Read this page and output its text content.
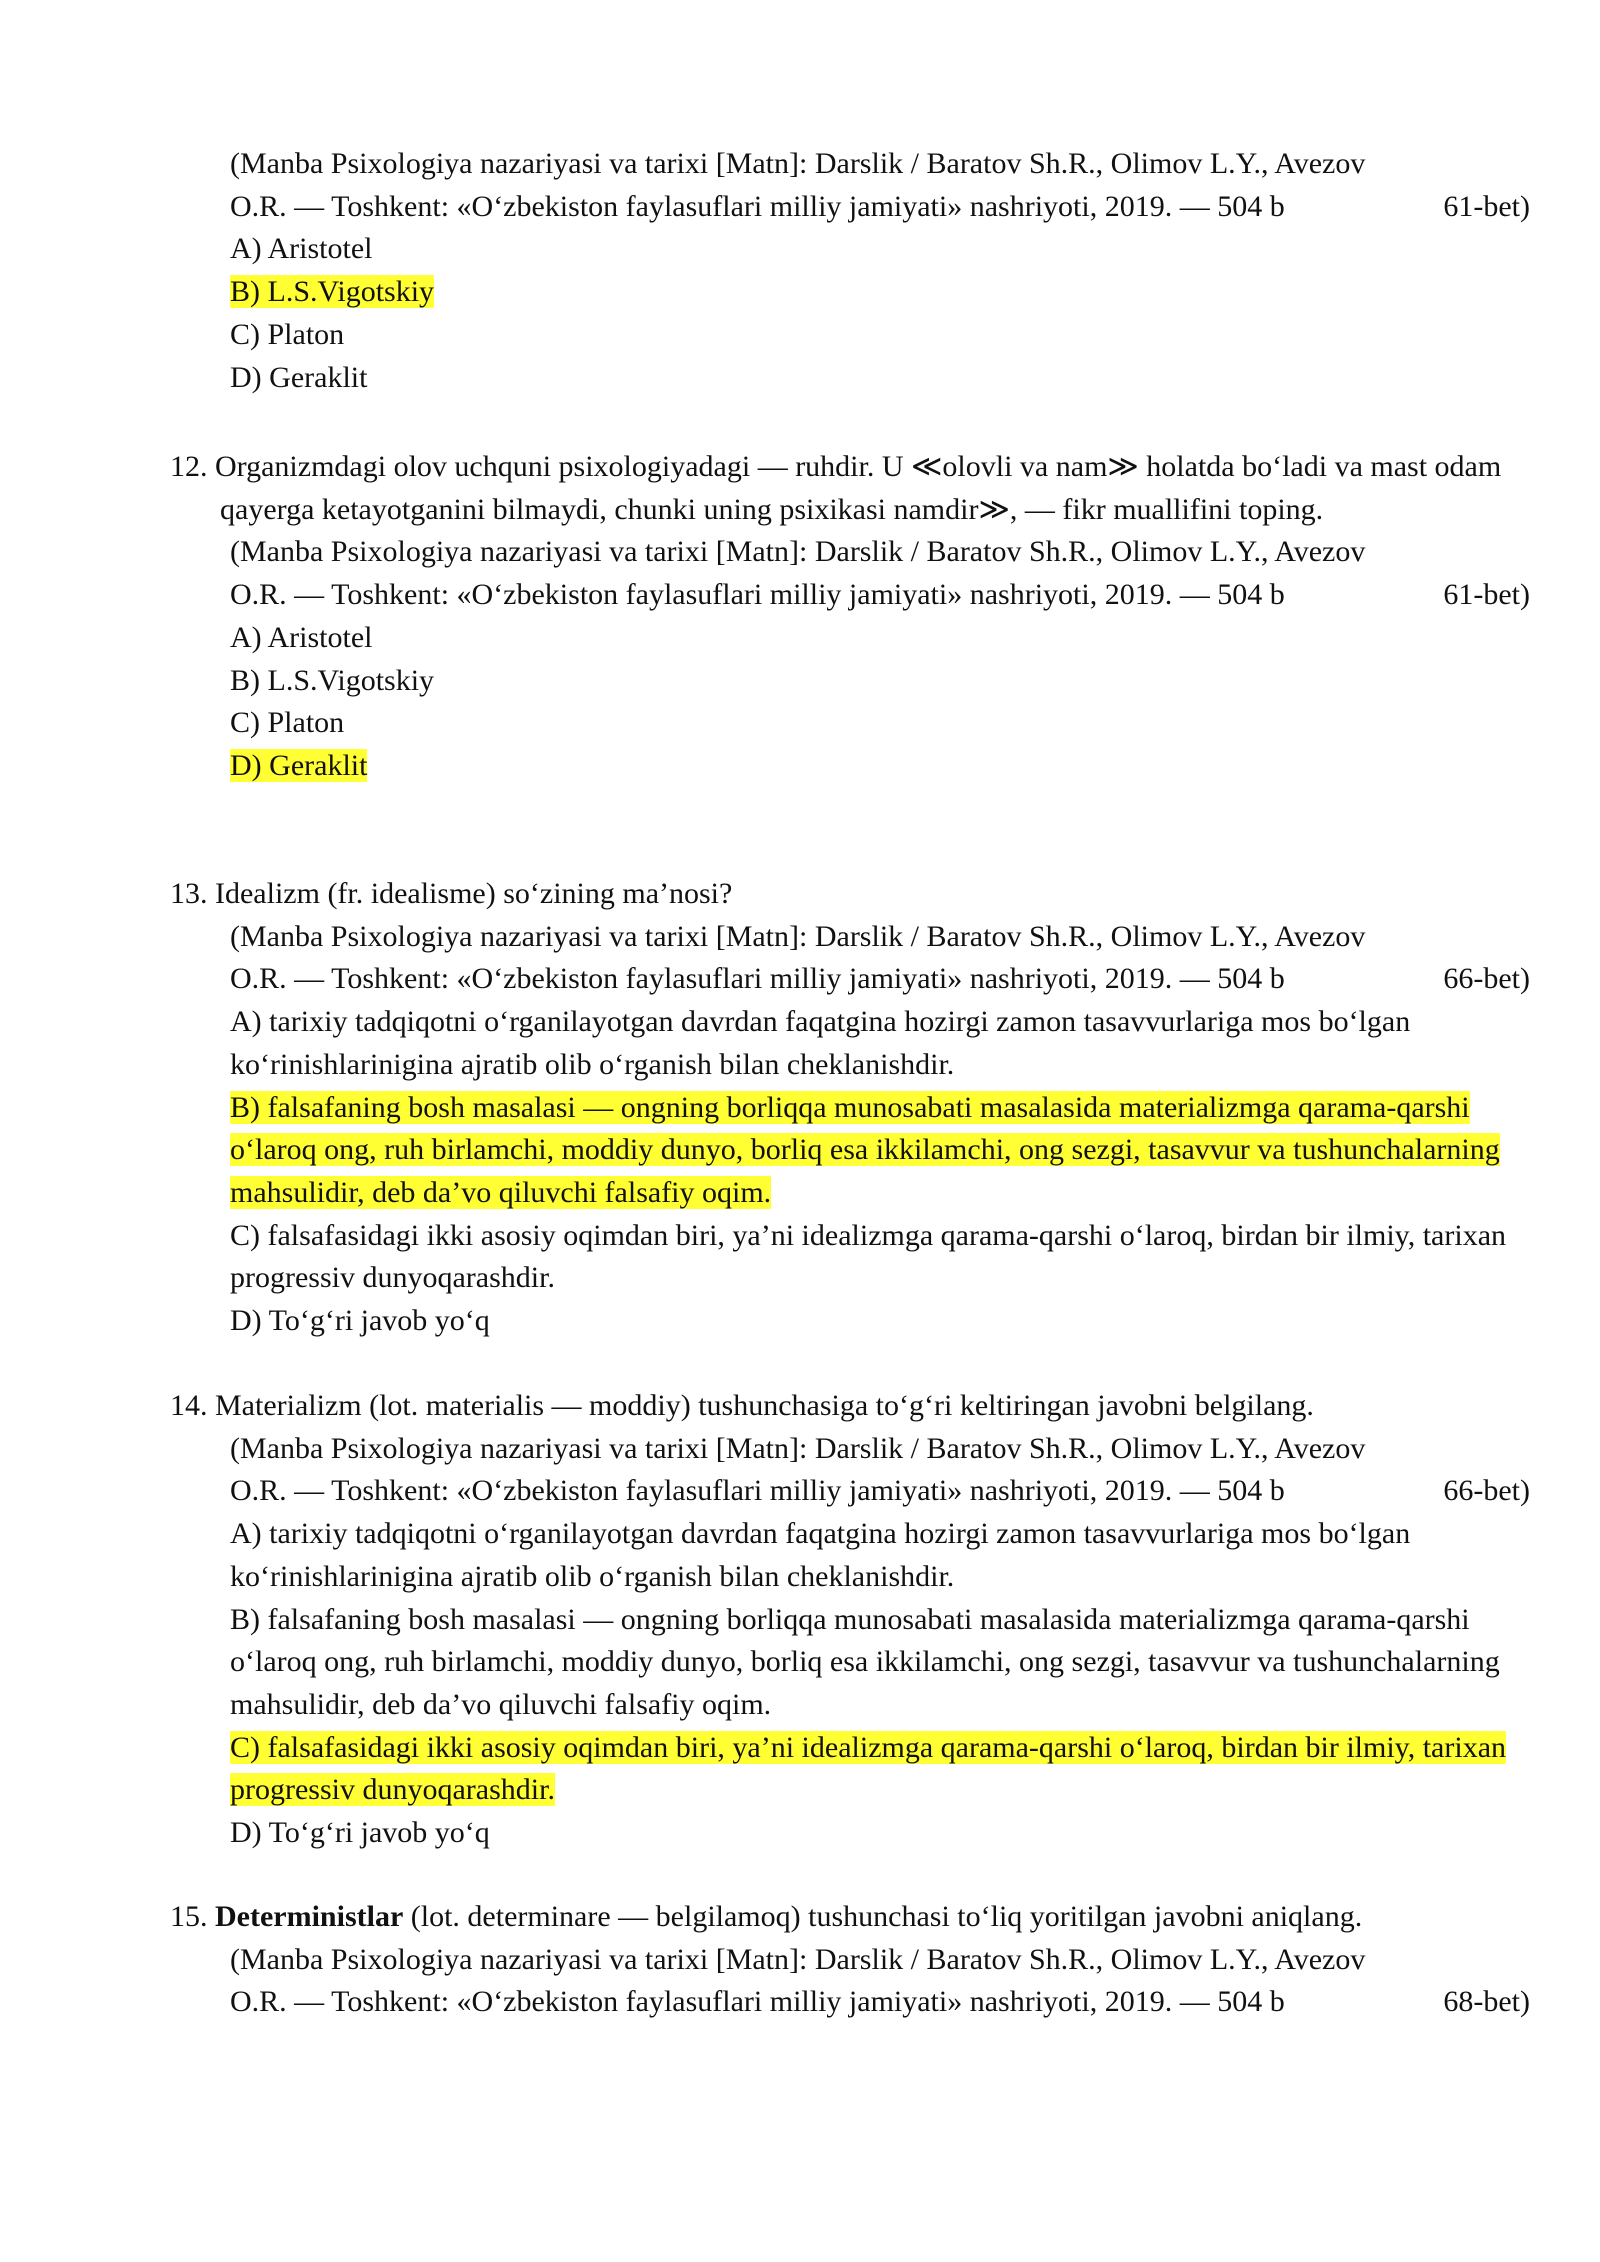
(Manba Psixologiya nazariyasi va tarixi [Matn]: Darslik / Baratov Sh.R., Olimov L.Y., Avezov
O.R. — Toshkent: «O‘zbekiston faylasuflari milliy jamiyati» nashriyoti, 2019. — 504 b	61-bet)
A) Aristotel
B) L.S.Vigotskiy
C) Platon
D) Geraklit
12. Organizmdagi olov uchquni psixologiyadagi — ruhdir. U ≪olovli va nam≫ holatda bo‘ladi va mast odam qayerga ketayotganini bilmaydi, chunki uning psixikasi namdir≫, — fikr muallifini toping.
(Manba Psixologiya nazariyasi va tarixi [Matn]: Darslik / Baratov Sh.R., Olimov L.Y., Avezov
O.R. — Toshkent: «O‘zbekiston faylasuflari milliy jamiyati» nashriyoti, 2019. — 504 b	61-bet)
A) Aristotel
B) L.S.Vigotskiy
C) Platon
D) Geraklit
13. Idealizm (fr. idealisme) so‘zining ma’nosi?
(Manba Psixologiya nazariyasi va tarixi [Matn]: Darslik / Baratov Sh.R., Olimov L.Y., Avezov
O.R. — Toshkent: «O‘zbekiston faylasuflari milliy jamiyati» nashriyoti, 2019. — 504 b	66-bet)
A) tarixiy tadqiqotni o‘rganilayotgan davrdan faqatgina hozirgi zamon tasavvurlariga mos bo‘lgan ko‘rinishlariniginа ajratib olib o‘rganish bilan cheklanishdir.
B) falsafaning bosh masalasi — ongning borliqqa munosabati masalasida materializmga qarama-qarshi o‘laroq ong, ruh birlamchi, moddiy dunyo, borliq esa ikkilamchi, ong sezgi, tasavvur va tushunchalarning mahsulidir, deb da’vo qiluvchi falsafiy oqim.
C) falsafasidagi ikki asosiy oqimdan biri, ya’ni idealizmga qarama-qarshi o‘laroq, birdan bir ilmiy, tarixan progressiv dunyoqarashdir.
D) To‘g‘ri javob yo‘q
14. Materializm (lot. materialis — moddiy) tushunchasiga to‘g‘ri keltiringan javobni belgilang.
(Manba Psixologiya nazariyasi va tarixi [Matn]: Darslik / Baratov Sh.R., Olimov L.Y., Avezov
O.R. — Toshkent: «O‘zbekiston faylasuflari milliy jamiyati» nashriyoti, 2019. — 504 b	66-bet)
A) tarixiy tadqiqotni o‘rganilayotgan davrdan faqatgina hozirgi zamon tasavvurlariga mos bo‘lgan ko‘rinishlariniginа ajratib olib o‘rganish bilan cheklanishdir.
B) falsafaning bosh masalasi — ongning borliqqa munosabati masalasida materializmga qarama-qarshi o‘laroq ong, ruh birlamchi, moddiy dunyo, borliq esa ikkilamchi, ong sezgi, tasavvur va tushunchalarning mahsulidir, deb da’vo qiluvchi falsafiy oqim.
C) falsafasidagi ikki asosiy oqimdan biri, ya’ni idealizmga qarama-qarshi o‘laroq, birdan bir ilmiy, tarixan progressiv dunyoqarashdir.
D) To‘g‘ri javob yo‘q
15. Deterministlar (lot. determinare — belgilamoq) tushunchasi to‘liq yoritilgan javobni aniqlang.
(Manba Psixologiya nazariyasi va tarixi [Matn]: Darslik / Baratov Sh.R., Olimov L.Y., Avezov
O.R. — Toshkent: «O‘zbekiston faylasuflari milliy jamiyati» nashriyoti, 2019. — 504 b	68-bet)
